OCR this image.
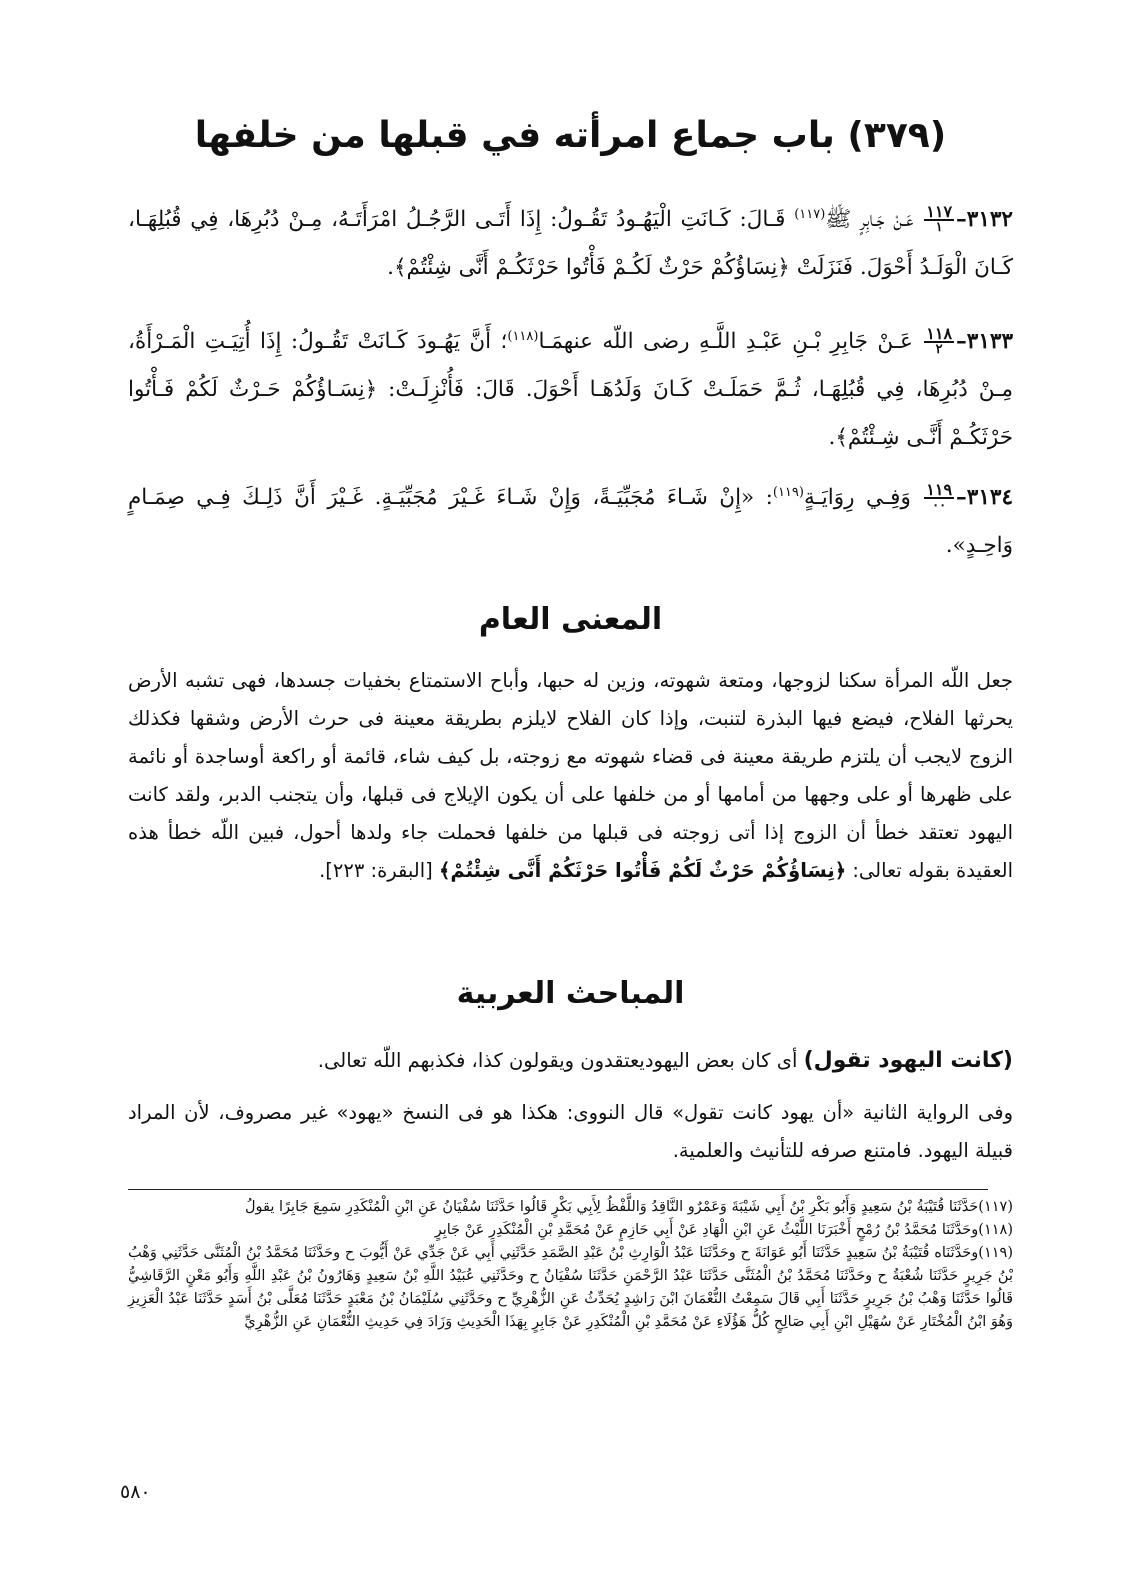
(٣٧٩) باب جماع امرأته في قبلها من خلفها

٣١٣٢–
١١٧
١
عَـنْ جَـابِرٍ ﷺ$^{(١١٧)}$ قَـالَ: كَـانَتِ الْيَهُـودُ تَقُـولُ: إِذَا أَتَـى الرَّجُـلُ امْرَأَتَـهُ، مِـنْ دُبُرِهَا، فِي قُبُلِهَـا، كَـانَ الْوَلَـدُ أَحْوَلَ. فَنَزَلَتْ ﴿نِسَاؤُكُمْ حَرْثٌ لَكُـمْ فَأْتُوا حَرْثَكُـمْ أَنَّى شِئْتُمْ﴾.

٣١٣٣–
١١٨
٢
عَـنْ جَابِرِ بْـنِ عَبْـدِ اللَّـهِ رضى اللّه عنهمَـا$^{(١١٨)}$؛ أَنَّ يَهُـودَ كَـانَتْ تَقُـولُ: إِذَا أُتِيَـتِ الْمَـرْأَةُ، مِـنْ دُبُرِهَا، فِي قُبُلِهَـا، ثُـمَّ حَمَلَـتْ كَـانَ وَلَدُهَـا أَحْوَلَ. قَالَ: فَأُنْزِلَـتْ: ﴿نِسَـاؤُكُمْ حَـرْثٌ لَكُمْ فَـأْتُوا حَرْثَكُـمْ أَنَّـى شِـئْتُمْ﴾.

٣١٣٤–
١١٩
٠٠
وَفِـي رِوَايَـةٍ$^{(١١٩)}$: «إِنْ شَـاءَ مُجَبِّيَـةً، وَإِنْ شَـاءَ غَـيْرَ مُجَبِّيَـةٍ. غَـيْرَ أَنَّ ذَلِـكَ فِـي صِمَـامٍ وَاحِـدٍ».

المعنى العام

جعل اللّه المرأة سكنا لزوجها، ومتعة شهوته، وزين له حبها، وأباح الاستمتاع بخفيات جسدها، فهى تشبه الأرض يحرثها الفلاح، فيضع فيها البذرة لتنبت، وإذا كان الفلاح لايلزم بطريقة معينة فى حرث الأرض وشقها فكذلك الزوج لايجب أن يلتزم طريقة معينة فى قضاء شهوته مع زوجته، بل كيف شاء، قائمة أو راكعة أوساجدة أو نائمة على ظهرها أو على وجهها من أمامها أو من خلفها على أن يكون الإيلاج فى قبلها، وأن يتجنب الدبر، ولقد كانت اليهود تعتقد خطأ أن الزوج إذا أتى زوجته فى قبلها من خلفها فحملت جاء ولدها أحول، فبين اللّه خطأ هذه العقيدة بقوله تعالى: ﴿نِسَاؤُكُمْ حَرْثٌ لَكُمْ فَأْتُوا حَرْثَكُمْ أَنَّى شِئْتُمْ﴾ [البقرة: ٢٢٣].

المباحث العربية

(كانت اليهود تقول) أى كان بعض اليهوديعتقدون ويقولون كذا، فكذبهم اللّه تعالى.

وفى الرواية الثانية «أن يهود كانت تقول» قال النووى: هكذا هو فى النسخ «يهود» غير مصروف، لأن المراد قبيلة اليهود. فامتنع صرفه للتأنيث والعلمية.

(١١٧)حَدَّثَنَا قُتَيْبَةُ بْنُ سَعِيدٍ وَأَبُو بَكْرِ بْنُ أَبِي شَيْبَةَ وَعَمْرٌو النَّاقِدُ وَاللَّفْظُ لِأَبِي بَكْرٍ قَالُوا حَدَّثَنَا سُفْيَانُ عَنِ ابْنِ الْمُنْكَدِرِ سَمِعَ جَابِرًا يقولُ

(١١٨)وحَدَّثَنَا مُحَمَّدُ بْنُ رُمْحٍ أَخْبَرَنَا اللَّيْثُ عَنِ ابْنِ الْهَادِ عَنْ أَبِي حَازِمٍ عَنْ مُحَمَّدِ بْنِ الْمُنْكَدِرِ عَنْ جَابِرٍ

(١١٩)وحَدَّثَنَاه قُتَيْبَةُ بْنُ سَعِيدٍ حَدَّثَنَا أَبُو عَوَانَةَ ح وحَدَّثَنَا عَبْدُ الْوَارِثِ بْنُ عَبْدِ الصَّمَدِ حَدَّثَنِي أَبِي عَنْ جَدِّي عَنْ أَيُّوبَ ح وحَدَّثَنَا مُحَمَّدُ بْنُ الْمُثَنَّى حَدَّثَنِي وَهْبُ بْنُ جَرِيرٍ حَدَّثَنَا شُعْبَةُ ح وحَدَّثَنَا مُحَمَّدُ بْنُ الْمُثَنَّى حَدَّثَنَا عَبْدُ الرَّحْمَنِ حَدَّثَنَا سُفْيَانُ ح وحَدَّثَنِي عُبَيْدُ اللَّهِ بْنُ سَعِيدٍ وَهَارُونُ بْنُ عَبْدِ اللَّهِ وَأَبُو مَعْنٍ الرَّقَاشِيُّ قَالُوا حَدَّثَنَا وَهْبُ بْنُ جَرِيرٍ حَدَّثَنَا أَبِي قَالَ سَمِعْتُ النُّعْمَانَ ابْنَ رَاشِدٍ يُحَدِّثُ عَنِ الزُّهْرِيِّ ح وحَدَّثَنِي سُلَيْمَانُ بْنُ مَعْبَدٍ حَدَّثَنَا مُعَلَّى بْنُ أَسَدٍ حَدَّثَنَا عَبْدُ الْعَزِيزِ وَهُوَ ابْنُ الْمُخْتَارِ عَنْ سُهَيْلِ ابْنِ أَبِي صَالِحٍ كُلُّ هَؤُلَاءِ عَنْ مُحَمَّدِ بْنِ الْمُنْكَدِرِ عَنْ جَابِرٍ بِهَذَا الْحَدِيثِ وَزَادَ فِي حَدِيثِ النُّعْمَانِ عَنِ الزُّهْرِيِّ

٥٨٠
